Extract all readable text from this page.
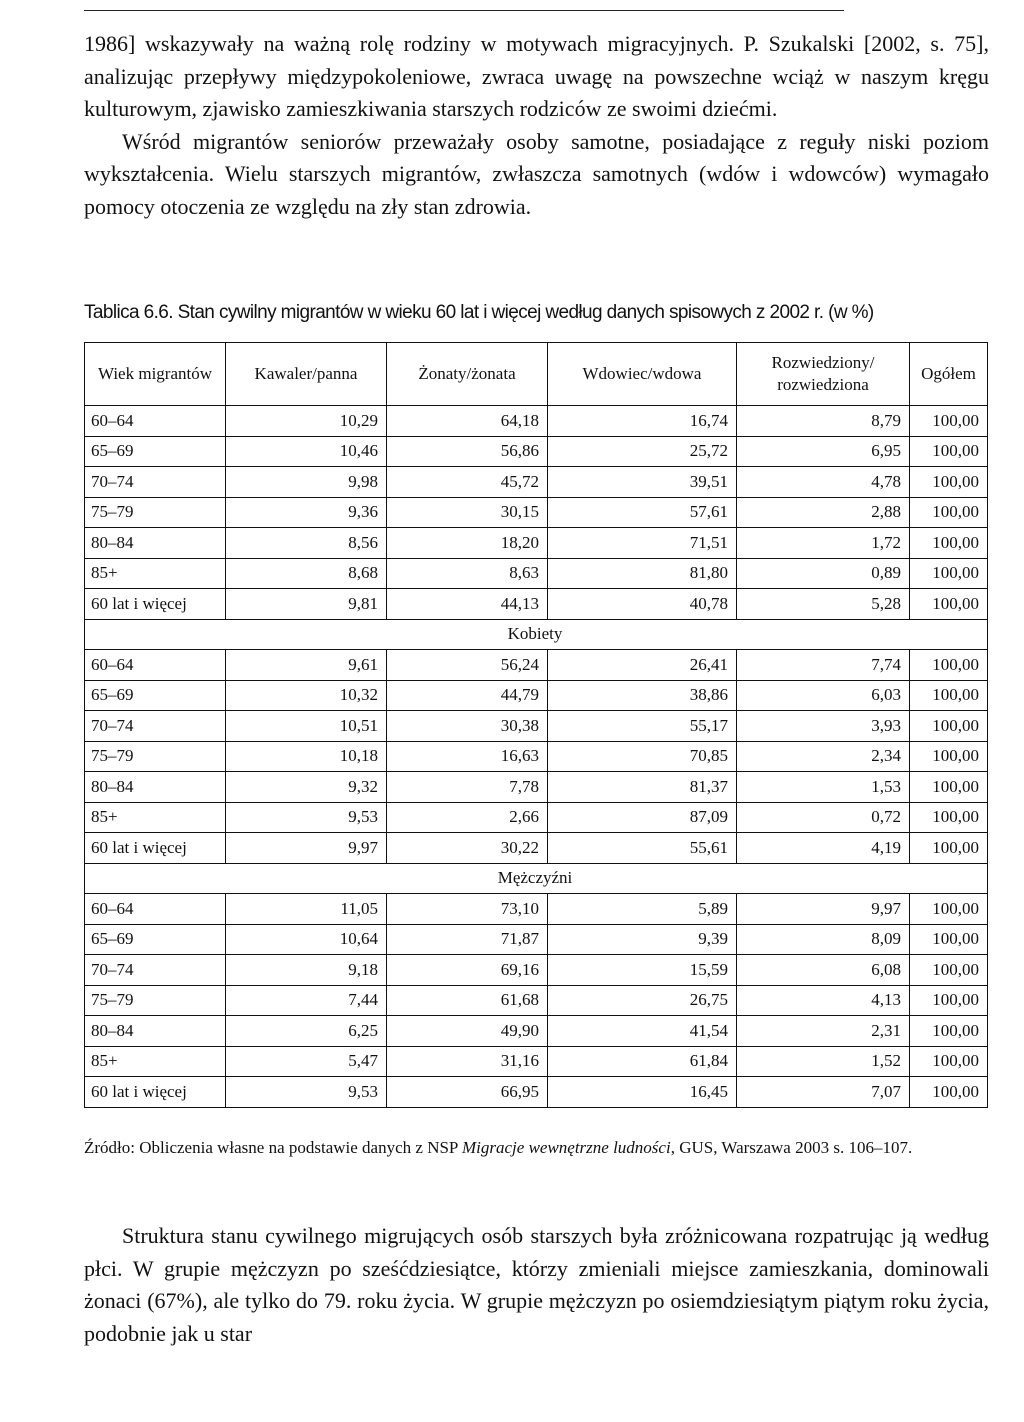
1986] wskazywały na ważną rolę rodziny w motywach migracyjnych. P. Szukalski [2002, s. 75], analizując przepływy międzypokoleniowe, zwraca uwagę na powszechne wciąż w naszym kręgu kulturowym, zjawisko zamieszkiwania starszych rodziców ze swoimi dziećmi.

Wśród migrantów seniorów przeważały osoby samotne, posiadające z reguły niski poziom wykształcenia. Wielu starszych migrantów, zwłaszcza samotnych (wdów i wdowców) wymagało pomocy otoczenia ze względu na zły stan zdrowia.

Tablica 6.6. Stan cywilny migrantów w wieku 60 lat i więcej według danych spisowych z 2002 r. (w %)
Wiek migrantów	Kawaler/panna	Żonaty/żonata	Wdowiec/wdowa	Rozwiedziony/ rozwiedziona	Ogółem
60–64	10,29	64,18	16,74	8,79	100,00
65–69	10,46	56,86	25,72	6,95	100,00
70–74	9,98	45,72	39,51	4,78	100,00
75–79	9,36	30,15	57,61	2,88	100,00
80–84	8,56	18,20	71,51	1,72	100,00
85+	8,68	8,63	81,80	0,89	100,00
60 lat i więcej	9,81	44,13	40,78	5,28	100,00
Kobiety					
60–64	9,61	56,24	26,41	7,74	100,00
65–69	10,32	44,79	38,86	6,03	100,00
70–74	10,51	30,38	55,17	3,93	100,00
75–79	10,18	16,63	70,85	2,34	100,00
80–84	9,32	7,78	81,37	1,53	100,00
85+	9,53	2,66	87,09	0,72	100,00
60 lat i więcej	9,97	30,22	55,61	4,19	100,00
Mężczyźni					
60–64	11,05	73,10	5,89	9,97	100,00
65–69	10,64	71,87	9,39	8,09	100,00
70–74	9,18	69,16	15,59	6,08	100,00
75–79	7,44	61,68	26,75	4,13	100,00
80–84	6,25	49,90	41,54	2,31	100,00
85+	5,47	31,16	61,84	1,52	100,00
60 lat i więcej	9,53	66,95	16,45	7,07	100,00

Źródło: Obliczenia własne na podstawie danych z NSP Migracje wewnętrzne ludności, GUS, Warszawa 2003 s. 106–107.

Struktura stanu cywilnego migrujących osób starszych była zróżnicowana rozpatrując ją według płci. W grupie mężczyzn po sześćdziesiątce, którzy zmieniali miejsce zamieszkania, dominowali żonaci (67%), ale tylko do 79. roku życia. W grupie mężczyzn po osiemdziesiątym piątym roku życia, podobnie jak u star
